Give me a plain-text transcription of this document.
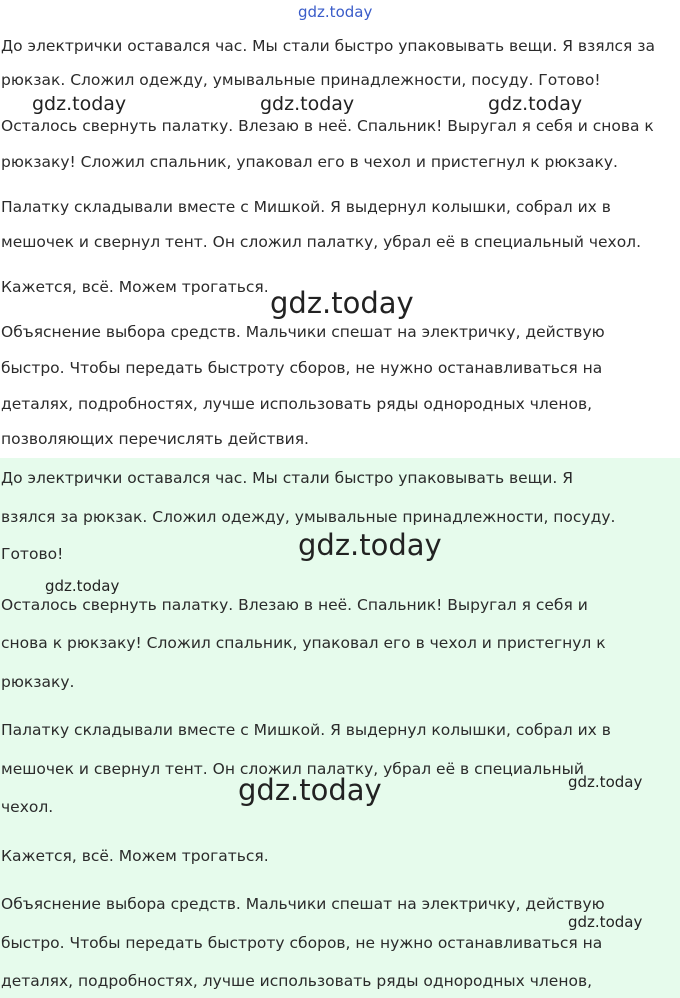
До электрички оставался час. Мы стали быстро упаковывать вещи. Я взялся за
рюкзак. Сложил одежду, умывальные принадлежности, посуду. Готово!
Осталось свернуть палатку. Влезаю в неё. Спальник! Выругал я себя и снова к
рюкзаку! Сложил спальник, упаковал его в чехол и пристегнул к рюкзаку.
Палатку складывали вместе с Мишкой. Я выдернул колышки, собрал их в
мешочек и свернул тент. Он сложил палатку, убрал её в специальный чехол.
Кажется, всё. Можем трогаться.
Объяснение выбора средств. Мальчики спешат на электричку, действую
быстро. Чтобы передать быстроту сборов, не нужно останавливаться на
деталях, подробностях, лучше использовать ряды однородных членов,
позволяющих перечислять действия.
До электрички оставался час. Мы стали быстро упаковывать вещи. Я
взялся за рюкзак. Сложил одежду, умывальные принадлежности, посуду.
Готово!
Осталось свернуть палатку. Влезаю в неё. Спальник! Выругал я себя и
снова к рюкзаку! Сложил спальник, упаковал его в чехол и пристегнул к
рюкзаку.
Палатку складывали вместе с Мишкой. Я выдернул колышки, собрал их в
мешочек и свернул тент. Он сложил палатку, убрал её в специальный
чехол.
Кажется, всё. Можем трогаться.
Объяснение выбора средств. Мальчики спешат на электричку, действую
быстро. Чтобы передать быстроту сборов, не нужно останавливаться на
деталях, подробностях, лучше использовать ряды однородных членов,
gdz.today
gdz.today	gdz.today	gdz.today
gdz.today
gdz.today
gdz.today
gdz.today	gdz.today
gdz.today
